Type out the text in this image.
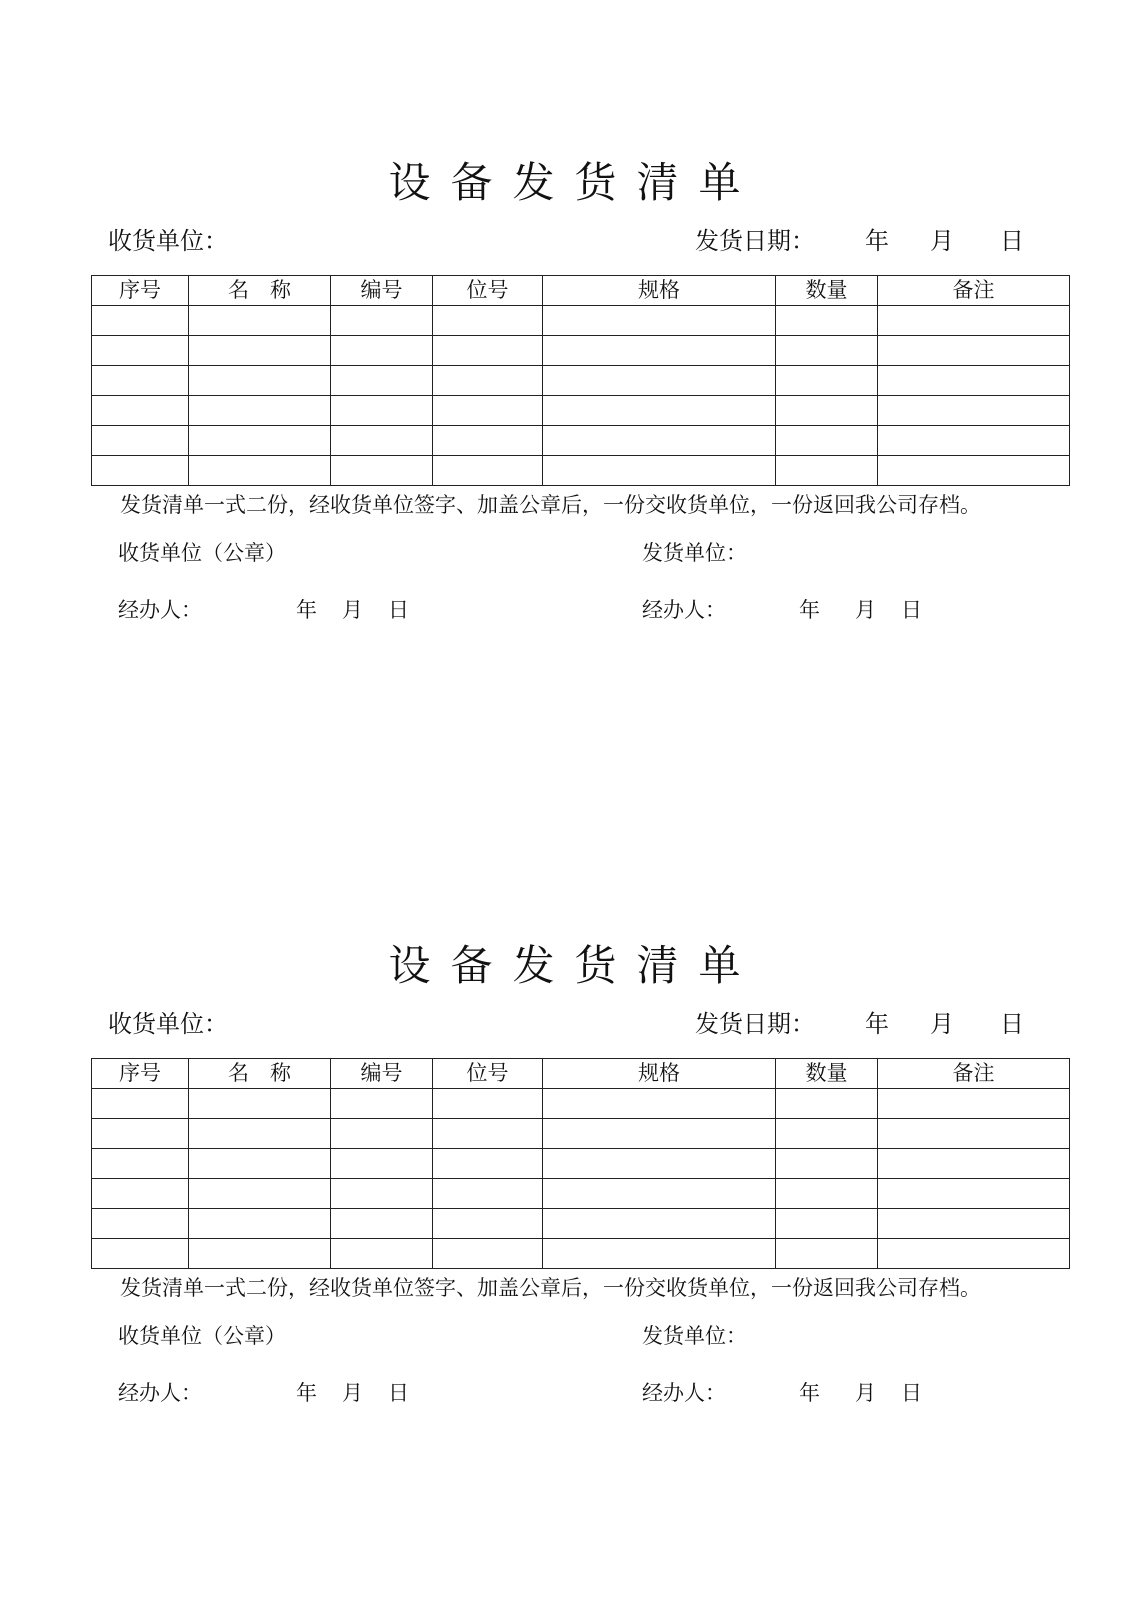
设备发货清单
收货单位：	发货日期： 年 月 日
序号	名　称	编号	位号	规格	数量	备注

发货清单一式二份，经收货单位签字、加盖公章后，一份交收货单位，一份返回我公司存档。
收货单位（公章）	发货单位：
经办人：	年 月 日	经办人：	年 月 日
设备发货清单
收货单位：	发货日期： 年 月 日
序号	名　称	编号	位号	规格	数量	备注

发货清单一式二份，经收货单位签字、加盖公章后，一份交收货单位，一份返回我公司存档。
收货单位（公章）	发货单位：
经办人：	年 月 日	经办人：	年 月 日
